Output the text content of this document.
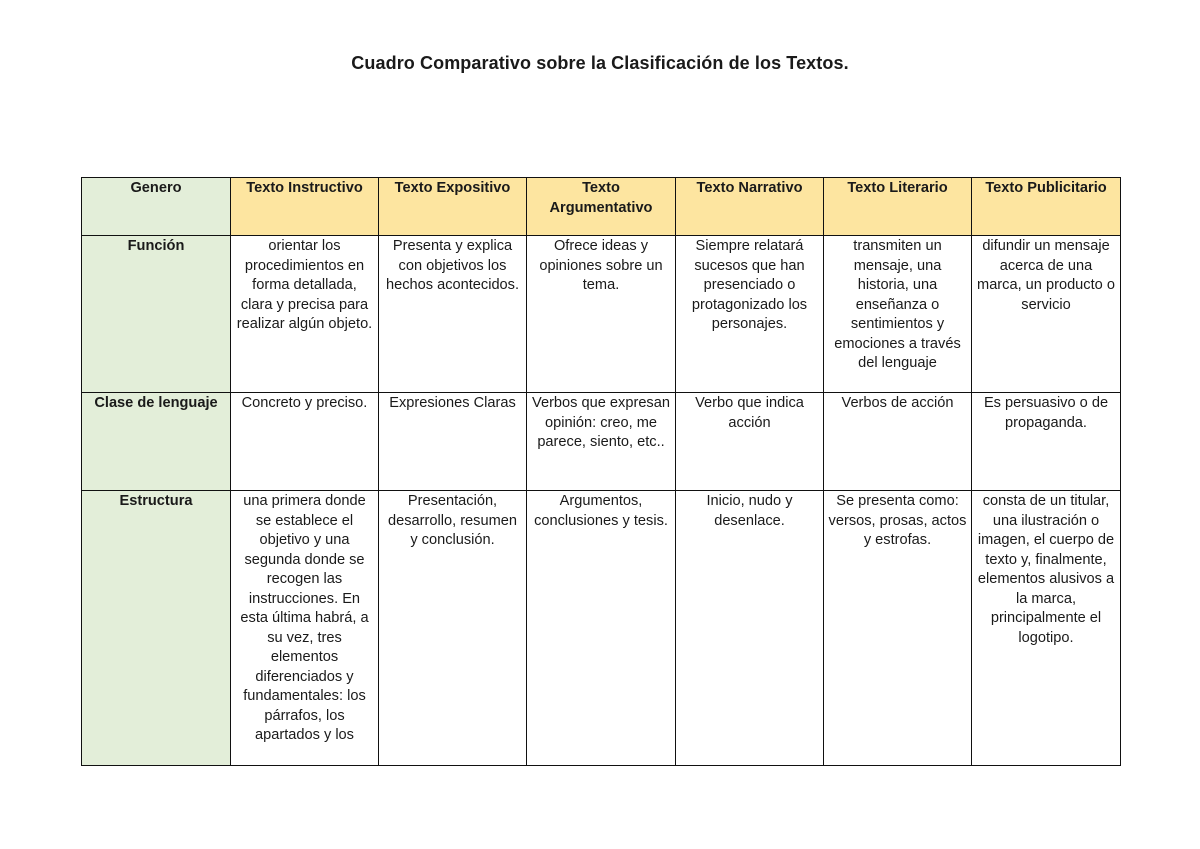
Cuadro Comparativo sobre la Clasificación de los Textos.
Genero	Texto Instructivo	Texto Expositivo	Texto Argumentativo	Texto Narrativo	Texto Literario	Texto Publicitario
Función	orientar los procedimientos en forma detallada, clara y precisa para realizar algún objeto.	Presenta y explica con objetivos los hechos acontecidos.	Ofrece ideas y opiniones sobre un tema.	Siempre relatará sucesos que han presenciado o protagonizado los personajes.	transmiten un mensaje, una historia, una enseñanza o sentimientos y emociones a través del lenguaje	difundir un mensaje acerca de una marca, un producto o servicio
Clase de lenguaje	Concreto y preciso.	Expresiones Claras	Verbos que expresan opinión: creo, me parece, siento, etc..	Verbo que indica acción	Verbos de acción	Es persuasivo o de propaganda.
Estructura	una primera donde se establece el objetivo y una segunda donde se recogen las instrucciones. En esta última habrá, a su vez, tres elementos diferenciados y fundamentales: los párrafos, los apartados y los	Presentación, desarrollo, resumen y conclusión.	Argumentos, conclusiones y tesis.	Inicio, nudo y desenlace.	Se presenta como: versos, prosas, actos y estrofas.	consta de un titular, una ilustración o imagen, el cuerpo de texto y, finalmente, elementos alusivos a la marca, principalmente el logotipo.
